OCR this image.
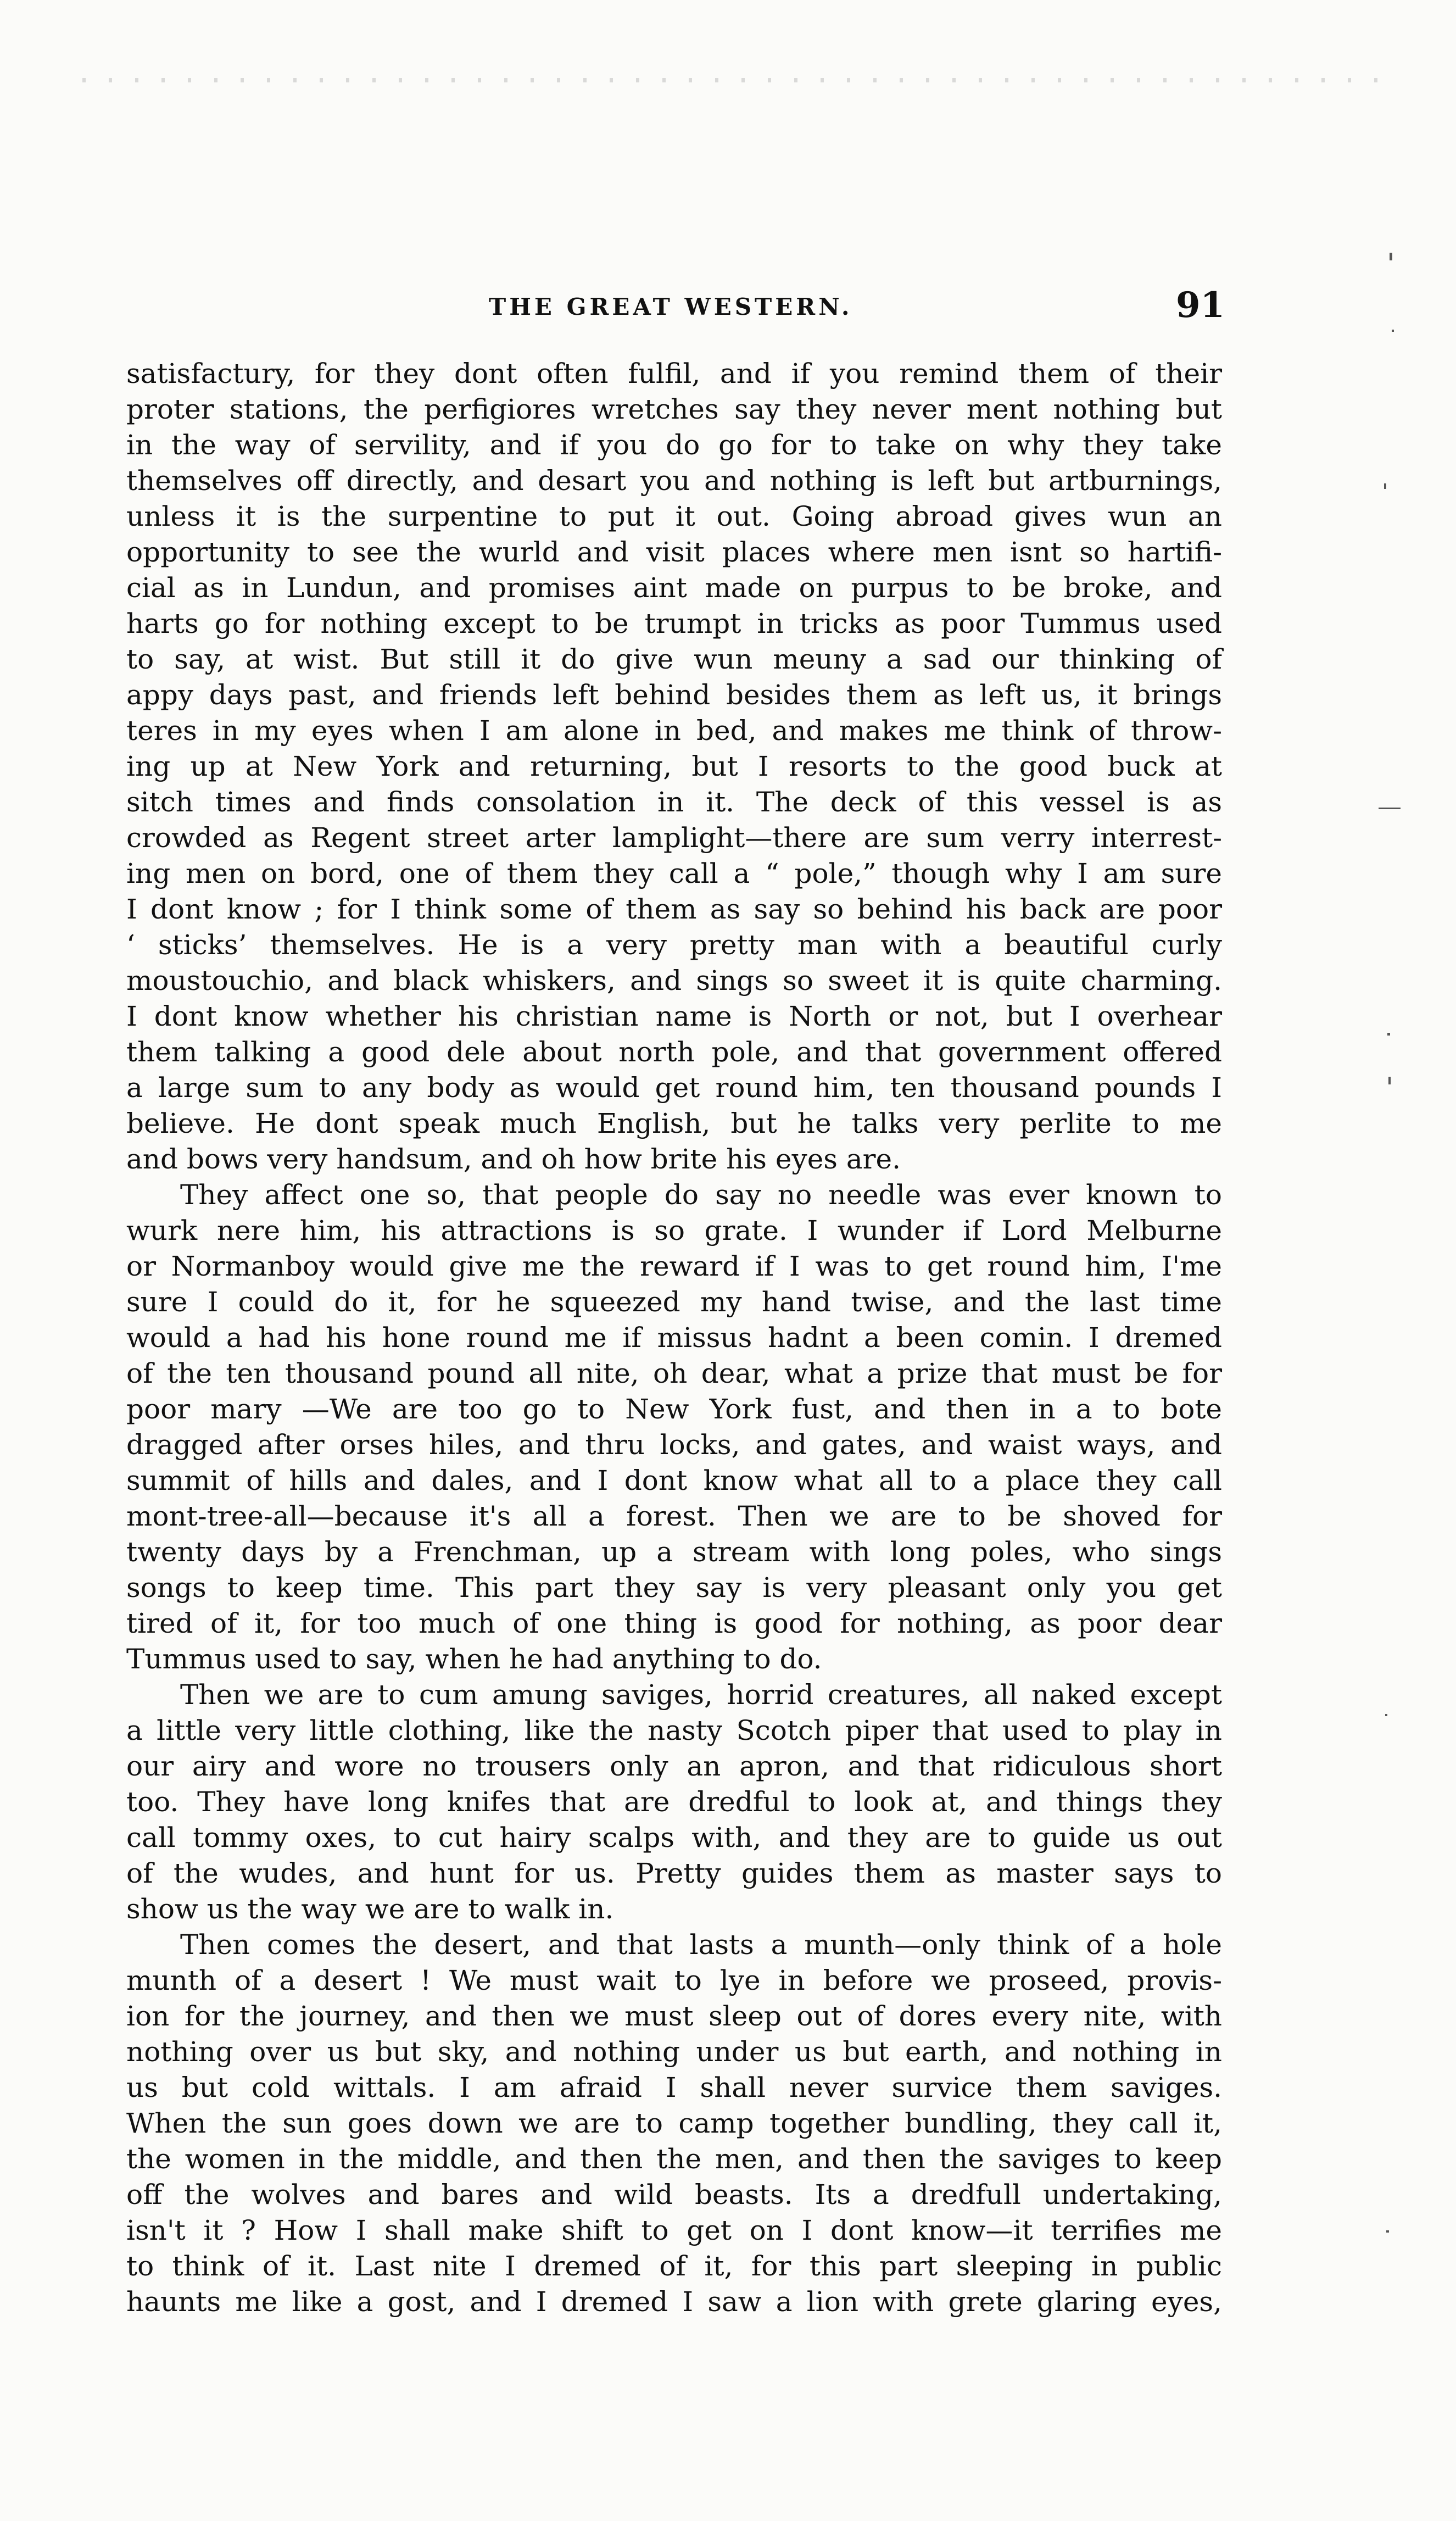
THE GREAT WESTERN.	91
satisfactury, for they dont often fulfil, and if you remind them of their
proter stations, the perfigiores wretches say they never ment nothing but
in the way of servility, and if you do go for to take on why they take
themselves off directly, and desart you and nothing is left but artburnings,
unless it is the surpentine to put it out. Going abroad gives wun an
opportunity to see the wurld and visit places where men isnt so hartifi-
cial as in Lundun, and promises aint made on purpus to be broke, and
harts go for nothing except to be trumpt in tricks as poor Tummus used
to say, at wist. But still it do give wun meuny a sad our thinking of
appy days past, and friends left behind besides them as left us, it brings
teres in my eyes when I am alone in bed, and makes me think of throw-
ing up at New York and returning, but I resorts to the good buck at
sitch times and finds consolation in it. The deck of this vessel is as
crowded as Regent street arter lamplight—there are sum verry interrest-
ing men on bord, one of them they call a “ pole,” though why I am sure
I dont know ; for I think some of them as say so behind his back are poor
‘ sticks’ themselves. He is a very pretty man with a beautiful curly
moustouchio, and black whiskers, and sings so sweet it is quite charming.
I dont know whether his christian name is North or not, but I overhear
them talking a good dele about north pole, and that government offered
a large sum to any body as would get round him, ten thousand pounds I
believe. He dont speak much English, but he talks very perlite to me
and bows very handsum, and oh how brite his eyes are.
They affect one so, that people do say no needle was ever known to
wurk nere him, his attractions is so grate. I wunder if Lord Melburne
or Normanboy would give me the reward if I was to get round him, I'me
sure I could do it, for he squeezed my hand twise, and the last time
would a had his hone round me if missus hadnt a been comin. I dremed
of the ten thousand pound all nite, oh dear, what a prize that must be for
poor mary —We are too go to New York fust, and then in a to bote
dragged after orses hiles, and thru locks, and gates, and waist ways, and
summit of hills and dales, and I dont know what all to a place they call
mont-tree-all—because it's all a forest. Then we are to be shoved for
twenty days by a Frenchman, up a stream with long poles, who sings
songs to keep time. This part they say is very pleasant only you get
tired of it, for too much of one thing is good for nothing, as poor dear
Tummus used to say, when he had anything to do.
Then we are to cum amung saviges, horrid creatures, all naked except
a little very little clothing, like the nasty Scotch piper that used to play in
our airy and wore no trousers only an apron, and that ridiculous short
too. They have long knifes that are dredful to look at, and things they
call tommy oxes, to cut hairy scalps with, and they are to guide us out
of the wudes, and hunt for us. Pretty guides them as master says to
show us the way we are to walk in.
Then comes the desert, and that lasts a munth—only think of a hole
munth of a desert ! We must wait to lye in before we proseed, provis-
ion for the journey, and then we must sleep out of dores every nite, with
nothing over us but sky, and nothing under us but earth, and nothing in
us but cold wittals. I am afraid I shall never survice them saviges.
When the sun goes down we are to camp together bundling, they call it,
the women in the middle, and then the men, and then the saviges to keep
off the wolves and bares and wild beasts. Its a dredfull undertaking,
isn't it ? How I shall make shift to get on I dont know—it terrifies me
to think of it. Last nite I dremed of it, for this part sleeping in public
haunts me like a gost, and I dremed I saw a lion with grete glaring eyes,
